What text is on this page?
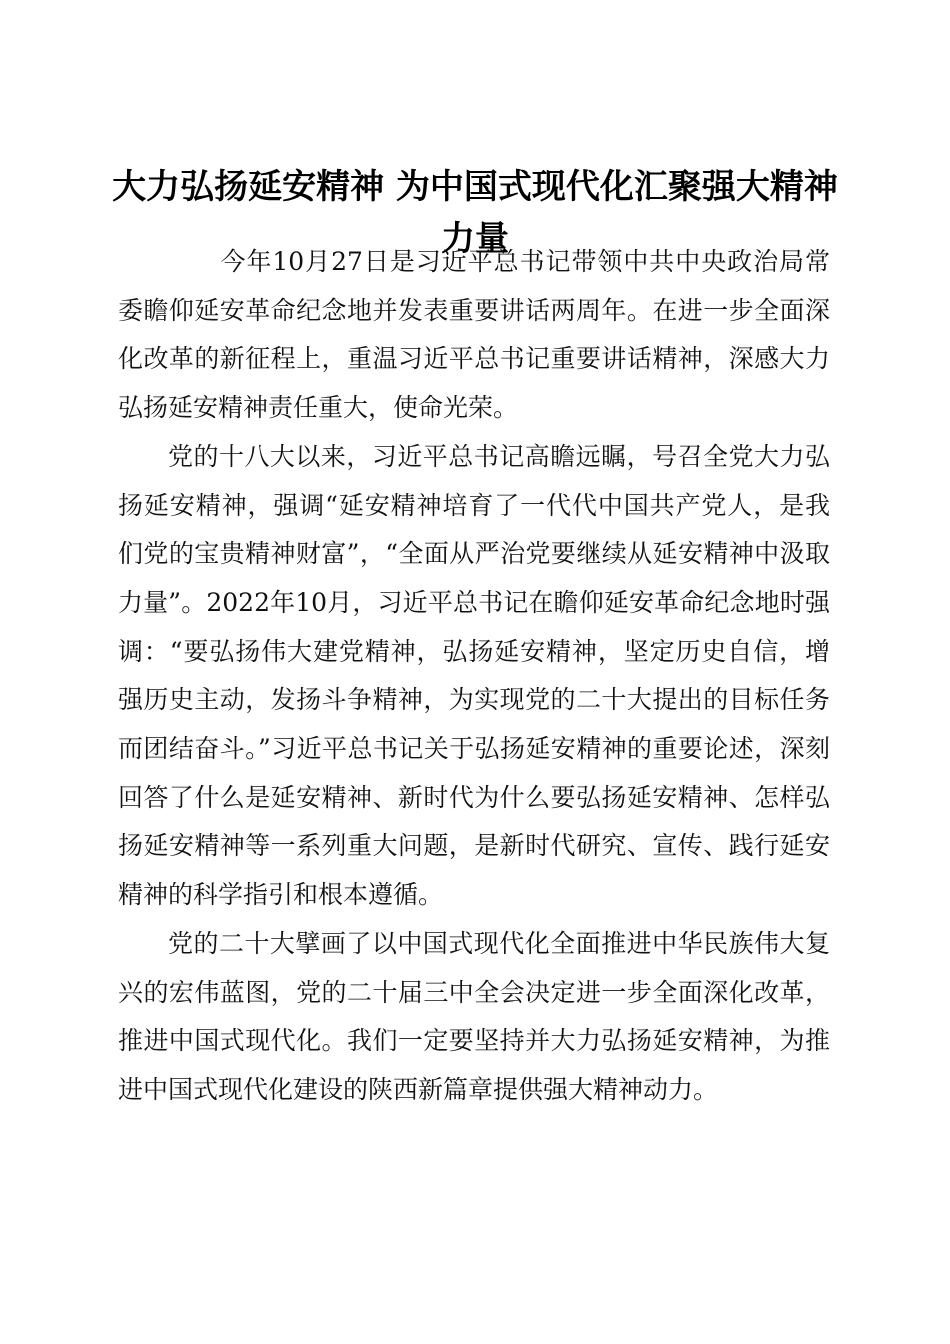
大力弘扬延安精神 为中国式现代化汇聚强大精神力量

今年10月27日是习近平总书记带领中共中央政治局常委瞻仰延安革命纪念地并发表重要讲话两周年。在进一步全面深化改革的新征程上，重温习近平总书记重要讲话精神，深感大力弘扬延安精神责任重大，使命光荣。

党的十八大以来，习近平总书记高瞻远瞩，号召全党大力弘扬延安精神，强调“延安精神培育了一代代中国共产党人，是我们党的宝贵精神财富”，“全面从严治党要继续从延安精神中汲取力量”。2022年10月，习近平总书记在瞻仰延安革命纪念地时强调：“要弘扬伟大建党精神，弘扬延安精神，坚定历史自信，增强历史主动，发扬斗争精神，为实现党的二十大提出的目标任务而团结奋斗。”习近平总书记关于弘扬延安精神的重要论述，深刻回答了什么是延安精神、新时代为什么要弘扬延安精神、怎样弘扬延安精神等一系列重大问题，是新时代研究、宣传、践行延安精神的科学指引和根本遵循。

党的二十大擘画了以中国式现代化全面推进中华民族伟大复兴的宏伟蓝图，党的二十届三中全会决定进一步全面深化改革，推进中国式现代化。我们一定要坚持并大力弘扬延安精神，为推进中国式现代化建设的陕西新篇章提供强大精神动力。
